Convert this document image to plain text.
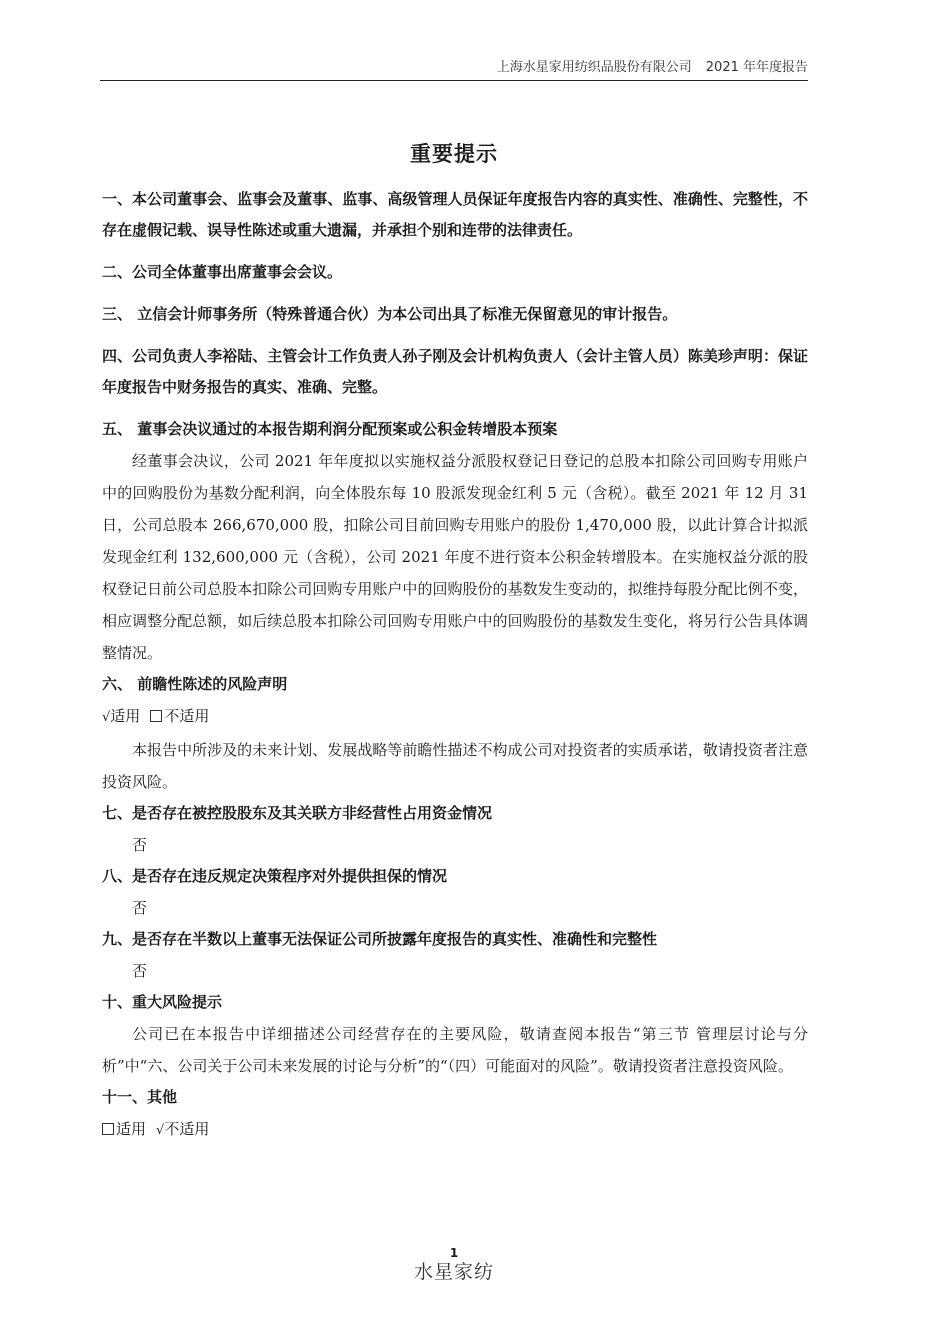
上海水星家用纺织品股份有限公司 2021 年年度报告
重要提示

一、本公司董事会、监事会及董事、监事、高级管理人员保证年度报告内容的真实性、准确性、完整性，不存在虚假记载、误导性陈述或重大遗漏，并承担个别和连带的法律责任。

二、公司全体董事出席董事会会议。

三、 立信会计师事务所（特殊普通合伙）为本公司出具了标准无保留意见的审计报告。

四、公司负责人李裕陆、主管会计工作负责人孙子刚及会计机构负责人（会计主管人员）陈美珍声明：保证年度报告中财务报告的真实、准确、完整。

五、 董事会决议通过的本报告期利润分配预案或公积金转增股本预案

经董事会决议，公司 2021 年年度拟以实施权益分派股权登记日登记的总股本扣除公司回购专用账户中的回购股份为基数分配利润，向全体股东每 10 股派发现金红利 5 元（含税）。截至 2021 年 12 月 31 日，公司总股本 266,670,000 股，扣除公司目前回购专用账户的股份 1,470,000 股，以此计算合计拟派发现金红利 132,600,000 元（含税），公司 2021 年度不进行资本公积金转增股本。在实施权益分派的股权登记日前公司总股本扣除公司回购专用账户中的回购股份的基数发生变动的，拟维持每股分配比例不变，相应调整分配总额，如后续总股本扣除公司回购专用账户中的回购股份的基数发生变化，将另行公告具体调整情况。

六、 前瞻性陈述的风险声明

√适用 不适用

本报告中所涉及的未来计划、发展战略等前瞻性描述不构成公司对投资者的实质承诺，敬请投资者注意投资风险。

七、是否存在被控股股东及其关联方非经营性占用资金情况

否

八、是否存在违反规定决策程序对外提供担保的情况

否

九、是否存在半数以上董事无法保证公司所披露年度报告的真实性、准确性和完整性

否

十、重大风险提示

公司已在本报告中详细描述公司经营存在的主要风险，敬请查阅本报告“第三节 管理层讨论与分析”中“六、公司关于公司未来发展的讨论与分析”的“（四）可能面对的风险”。敬请投资者注意投资风险。

十一、其他

适用 √不适用

1
水星家纺
